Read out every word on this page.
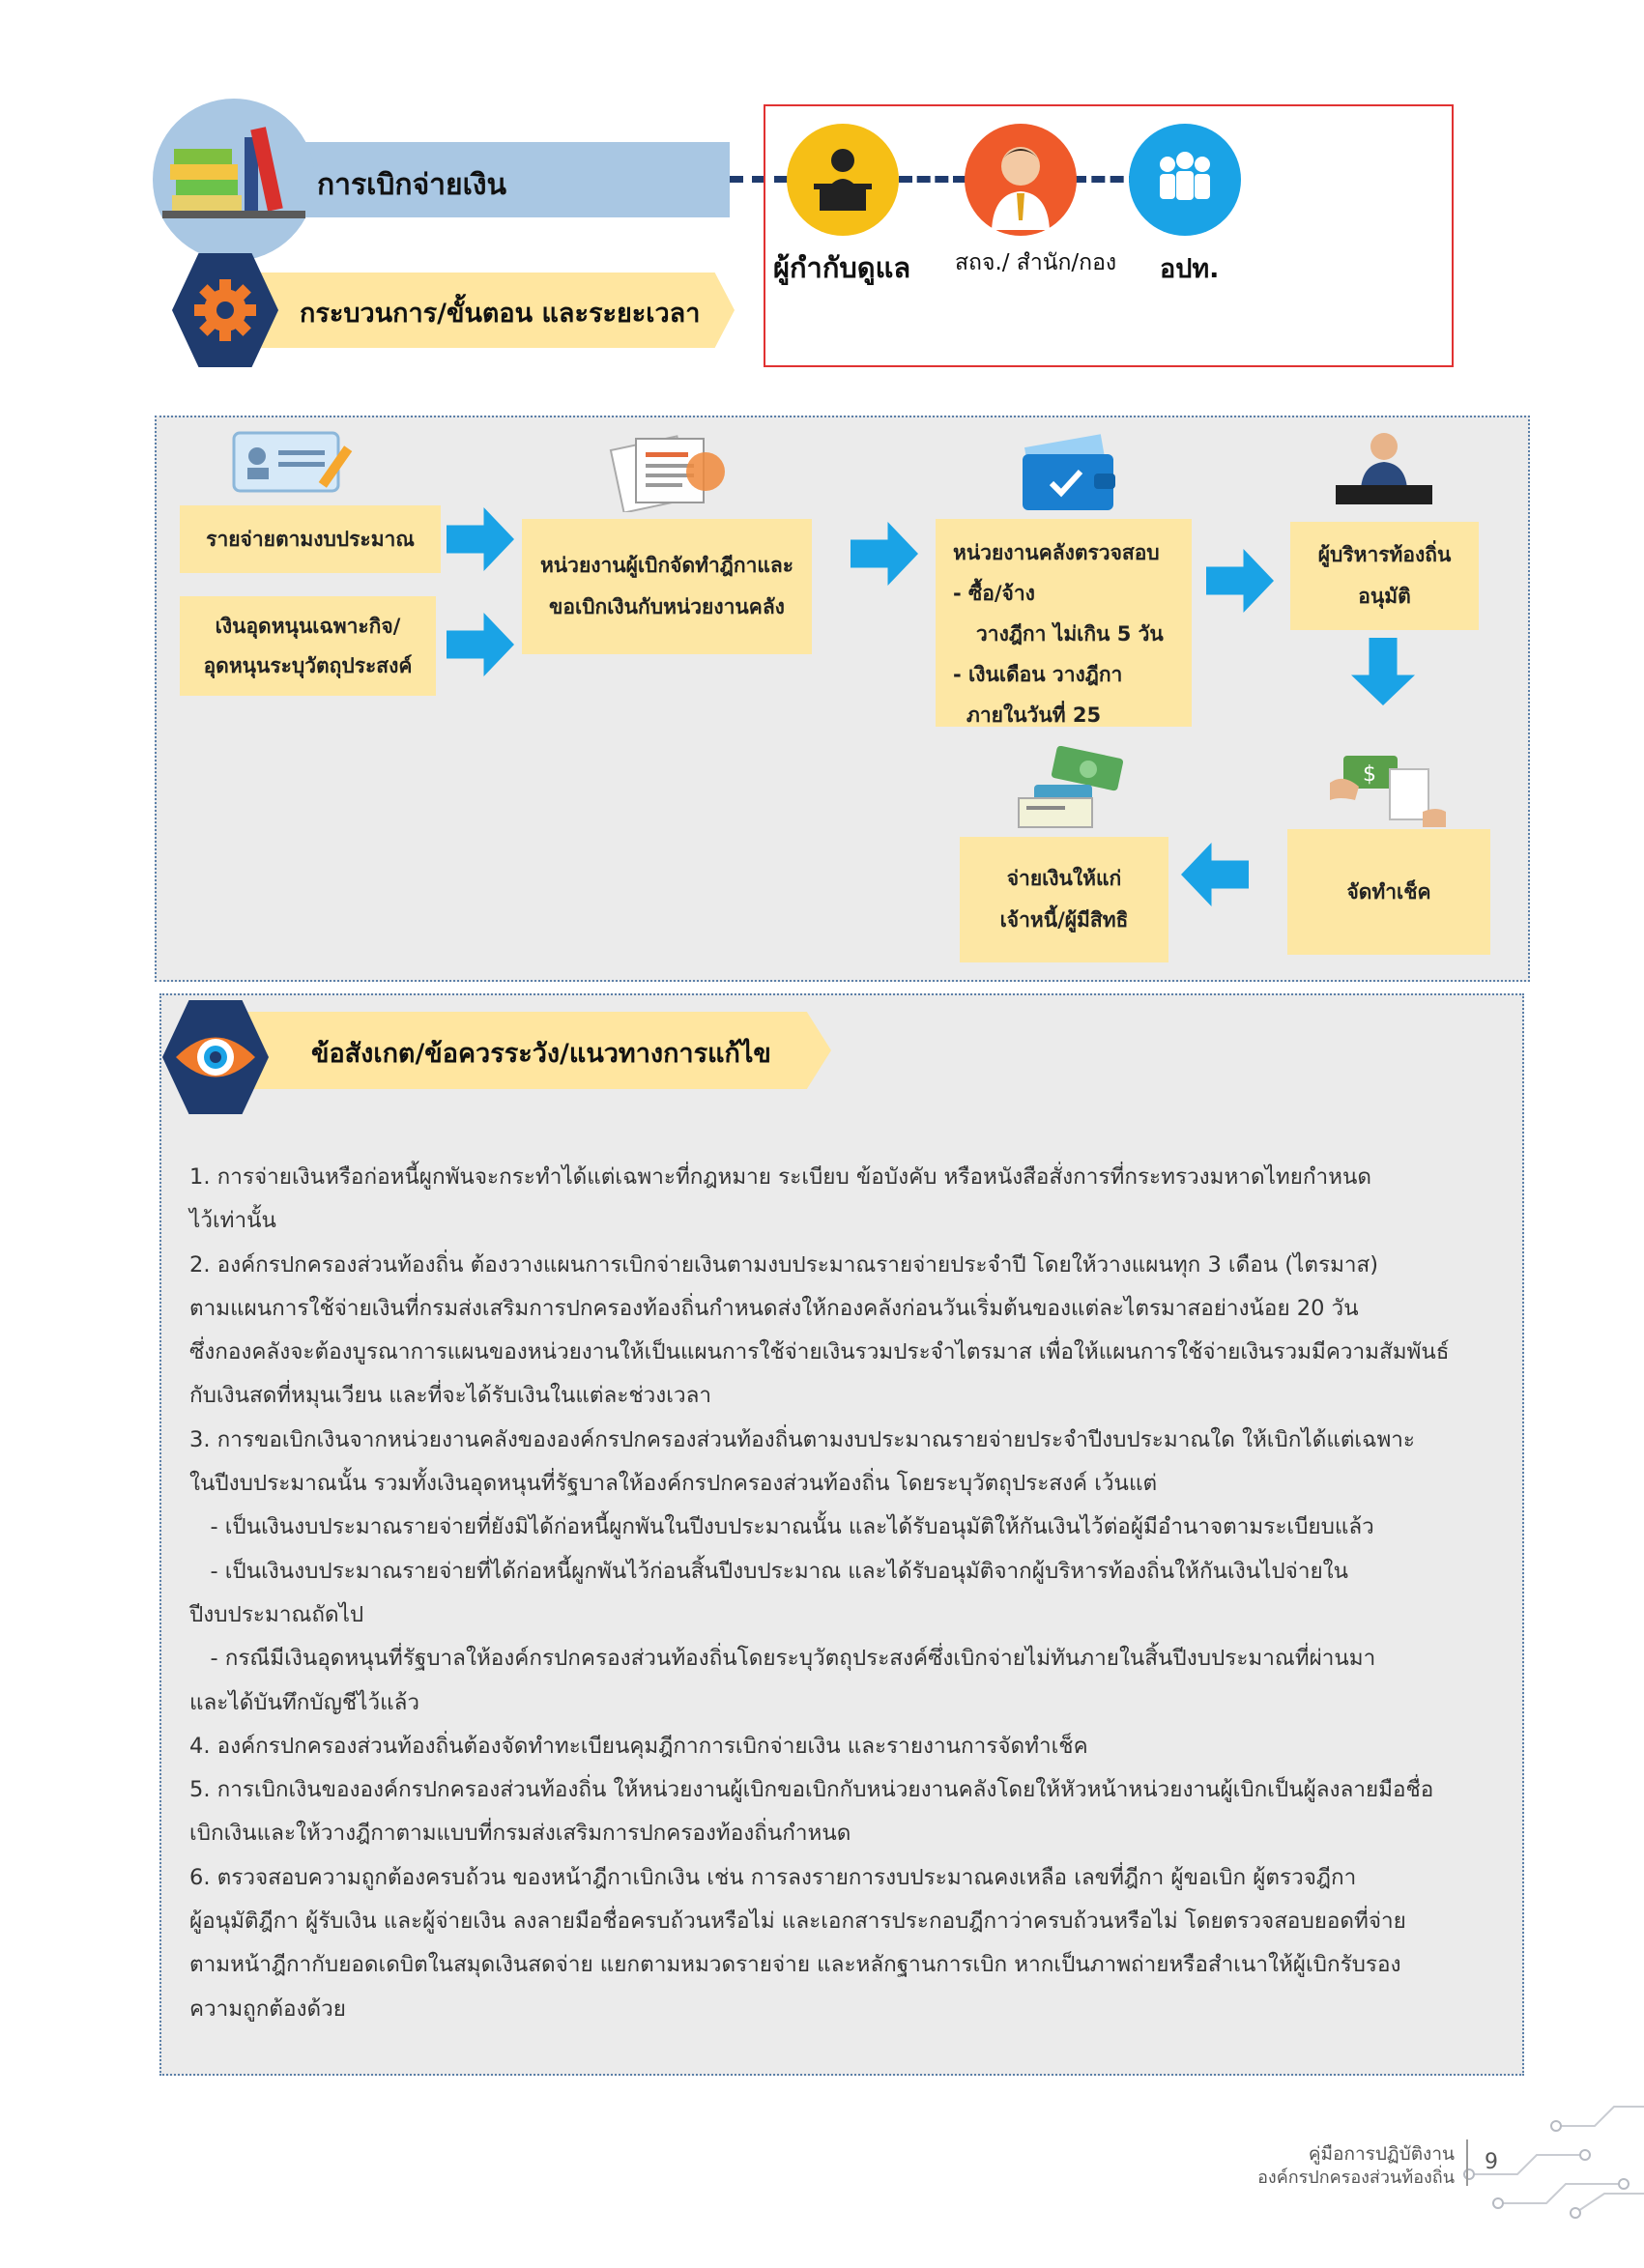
การเบิกจ่ายเงิน
กระบวนการ/ขั้นตอน และระยะเวลา
ผู้กำกับดูแล สถจ./ สำนัก/กอง อปท.
$
รายจ่ายตามงบประมาณ
เงินอุดหนุนเฉพาะกิจ/
อุดหนุนระบุวัตถุประสงค์
หน่วยงานผู้เบิกจัดทำฎีกาและ
ขอเบิกเงินกับหน่วยงานคลัง
หน่วยงานคลังตรวจสอบ
- ซื้อ/จ้าง
วางฎีกา ไม่เกิน 5 วัน
- เงินเดือน วางฎีกา
ภายในวันที่ 25
ผู้บริหารท้องถิ่น
อนุมัติ
จัดทำเช็ค
จ่ายเงินให้แก่
เจ้าหนี้/ผู้มีสิทธิ
ข้อสังเกต/ข้อควรระวัง/แนวทางการแก้ไข
1. การจ่ายเงินหรือก่อหนี้ผูกพันจะกระทำได้แต่เฉพาะที่กฎหมาย ระเบียบ ข้อบังคับ หรือหนังสือสั่งการที่กระทรวงมหาดไทยกำหนด
ไว้เท่านั้น
2. องค์กรปกครองส่วนท้องถิ่น ต้องวางแผนการเบิกจ่ายเงินตามงบประมาณรายจ่ายประจำปี โดยให้วางแผนทุก 3 เดือน (ไตรมาส)
ตามแผนการใช้จ่ายเงินที่กรมส่งเสริมการปกครองท้องถิ่นกำหนดส่งให้กองคลังก่อนวันเริ่มต้นของแต่ละไตรมาสอย่างน้อย 20 วัน
ซึ่งกองคลังจะต้องบูรณาการแผนของหน่วยงานให้เป็นแผนการใช้จ่ายเงินรวมประจำไตรมาส เพื่อให้แผนการใช้จ่ายเงินรวมมีความสัมพันธ์
กับเงินสดที่หมุนเวียน และที่จะได้รับเงินในแต่ละช่วงเวลา
3. การขอเบิกเงินจากหน่วยงานคลังขององค์กรปกครองส่วนท้องถิ่นตามงบประมาณรายจ่ายประจำปีงบประมาณใด ให้เบิกได้แต่เฉพาะ
ในปีงบประมาณนั้น รวมทั้งเงินอุดหนุนที่รัฐบาลให้องค์กรปกครองส่วนท้องถิ่น โดยระบุวัตถุประสงค์ เว้นแต่
- เป็นเงินงบประมาณรายจ่ายที่ยังมิได้ก่อหนี้ผูกพันในปีงบประมาณนั้น และได้รับอนุมัติให้กันเงินไว้ต่อผู้มีอำนาจตามระเบียบแล้ว
- เป็นเงินงบประมาณรายจ่ายที่ได้ก่อหนี้ผูกพันไว้ก่อนสิ้นปีงบประมาณ และได้รับอนุมัติจากผู้บริหารท้องถิ่นให้กันเงินไปจ่ายใน
ปีงบประมาณถัดไป
- กรณีมีเงินอุดหนุนที่รัฐบาลให้องค์กรปกครองส่วนท้องถิ่นโดยระบุวัตถุประสงค์ซึ่งเบิกจ่ายไม่ทันภายในสิ้นปีงบประมาณที่ผ่านมา
และได้บันทึกบัญชีไว้แล้ว
4. องค์กรปกครองส่วนท้องถิ่นต้องจัดทำทะเบียนคุมฎีกาการเบิกจ่ายเงิน และรายงานการจัดทำเช็ค
5. การเบิกเงินขององค์กรปกครองส่วนท้องถิ่น ให้หน่วยงานผู้เบิกขอเบิกกับหน่วยงานคลังโดยให้หัวหน้าหน่วยงานผู้เบิกเป็นผู้ลงลายมือชื่อ
เบิกเงินและให้วางฎีกาตามแบบที่กรมส่งเสริมการปกครองท้องถิ่นกำหนด
6. ตรวจสอบความถูกต้องครบถ้วน ของหน้าฎีกาเบิกเงิน เช่น การลงรายการงบประมาณคงเหลือ เลขที่ฎีกา ผู้ขอเบิก ผู้ตรวจฎีกา
ผู้อนุมัติฎีกา ผู้รับเงิน และผู้จ่ายเงิน ลงลายมือชื่อครบถ้วนหรือไม่ และเอกสารประกอบฎีกาว่าครบถ้วนหรือไม่ โดยตรวจสอบยอดที่จ่าย
ตามหน้าฎีกากับยอดเดบิตในสมุดเงินสดจ่าย แยกตามหมวดรายจ่าย และหลักฐานการเบิก หากเป็นภาพถ่ายหรือสำเนาให้ผู้เบิกรับรอง
ความถูกต้องด้วย
คู่มือการปฏิบัติงาน
องค์กรปกครองส่วนท้องถิ่น
9
